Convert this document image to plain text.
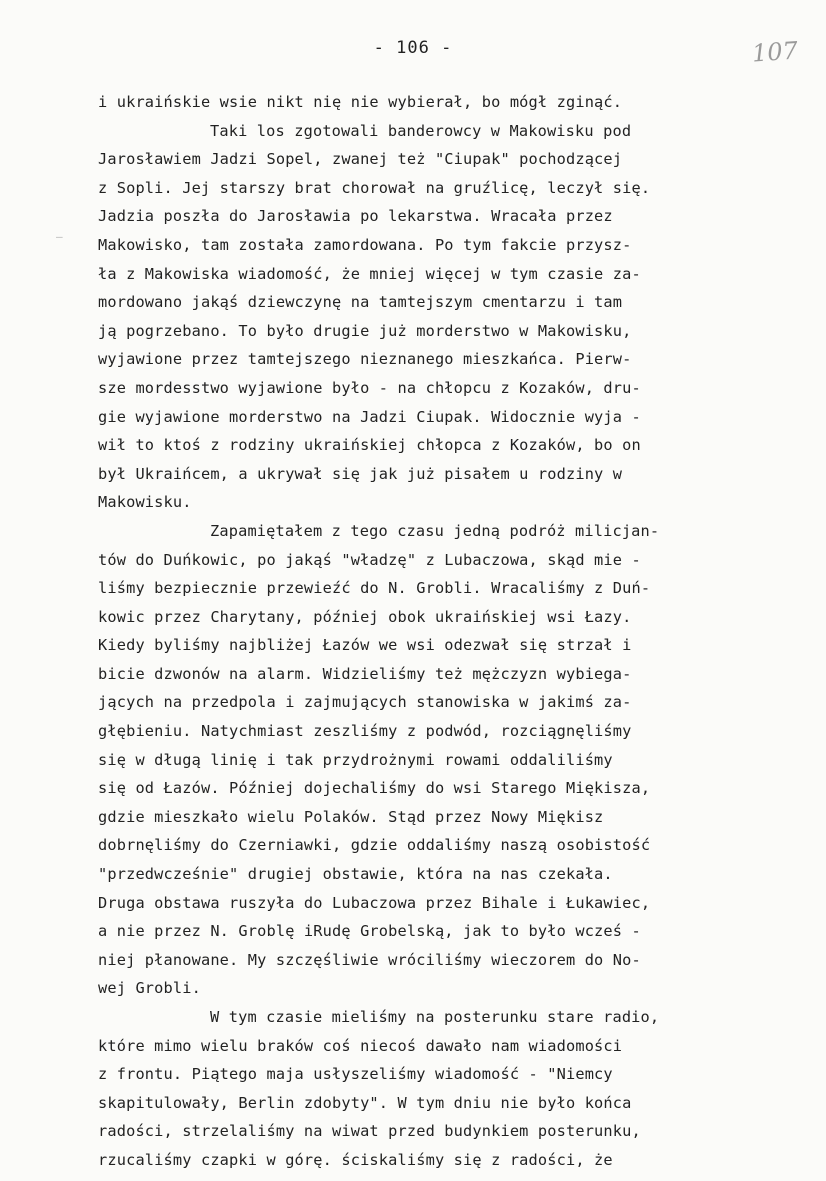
- 106 -	107
—
i ukraińskie wsie nikt nię nie wybierał, bo mógł zginąć.
Taki los zgotowali banderowcy w Makowisku pod
Jarosławiem Jadzi Sopel, zwanej też "Ciupak" pochodzącej
z Sopli. Jej starszy brat chorował na gruźlicę, leczył się.
Jadzia poszła do Jarosławia po lekarstwa. Wracała przez
Makowisko, tam została zamordowana. Po tym fakcie przysz-
ła z Makowiska wiadomość, że mniej więcej w tym czasie za-
mordowano jakąś dziewczynę na tamtejszym cmentarzu i tam
ją pogrzebano. To było drugie już morderstwo w Makowisku,
wyjawione przez tamtejszego nieznanego mieszkańca. Pierw-
sze mordesstwo wyjawione było - na chłopcu z Kozaków, dru-
gie wyjawione morderstwo na Jadzi Ciupak. Widocznie wyja -
wił to ktoś z rodziny ukraińskiej chłopca z Kozaków, bo on
był Ukraińcem, a ukrywał się jak już pisałem u rodziny w
Makowisku.
Zapamiętałem z tego czasu jedną podróż milicjan-
tów do Duńkowic, po jakąś "władzę" z Lubaczowa, skąd mie -
liśmy bezpiecznie przewieźć do N. Grobli. Wracaliśmy z Duń-
kowic przez Charytany, później obok ukraińskiej wsi Łazy.
Kiedy byliśmy najbliżej Łazów we wsi odezwał się strzał i
bicie dzwonów na alarm. Widzieliśmy też mężczyzn wybiega-
jących na przedpola i zajmujących stanowiska w jakimś za-
głębieniu. Natychmiast zeszliśmy z podwód, rozciągnęliśmy
się w długą linię i tak przydrożnymi rowami oddaliliśmy
się od Łazów. Później dojechaliśmy do wsi Starego Miękisza,
gdzie mieszkało wielu Polaków. Stąd przez Nowy Miękisz
dobrnęliśmy do Czerniawki, gdzie oddaliśmy naszą osobistość
"przedwcześnie" drugiej obstawie, która na nas czekała.
Druga obstawa ruszyła do Lubaczowa przez Bihale i Łukawiec,
a nie przez N. Groblę iRudę Grobelską, jak to było wcześ -
niej płanowane. My szczęśliwie wróciliśmy wieczorem do No-
wej Grobli.
W tym czasie mieliśmy na posterunku stare radio,
które mimo wielu braków coś niecoś dawało nam wiadomości
z frontu. Piątego maja usłyszeliśmy wiadomość - "Niemcy
skapitulowały, Berlin zdobyty". W tym dniu nie było końca
radości, strzelaliśmy na wiwat przed budynkiem posterunku,
rzucaliśmy czapki w górę. ściskaliśmy się z radości, że
